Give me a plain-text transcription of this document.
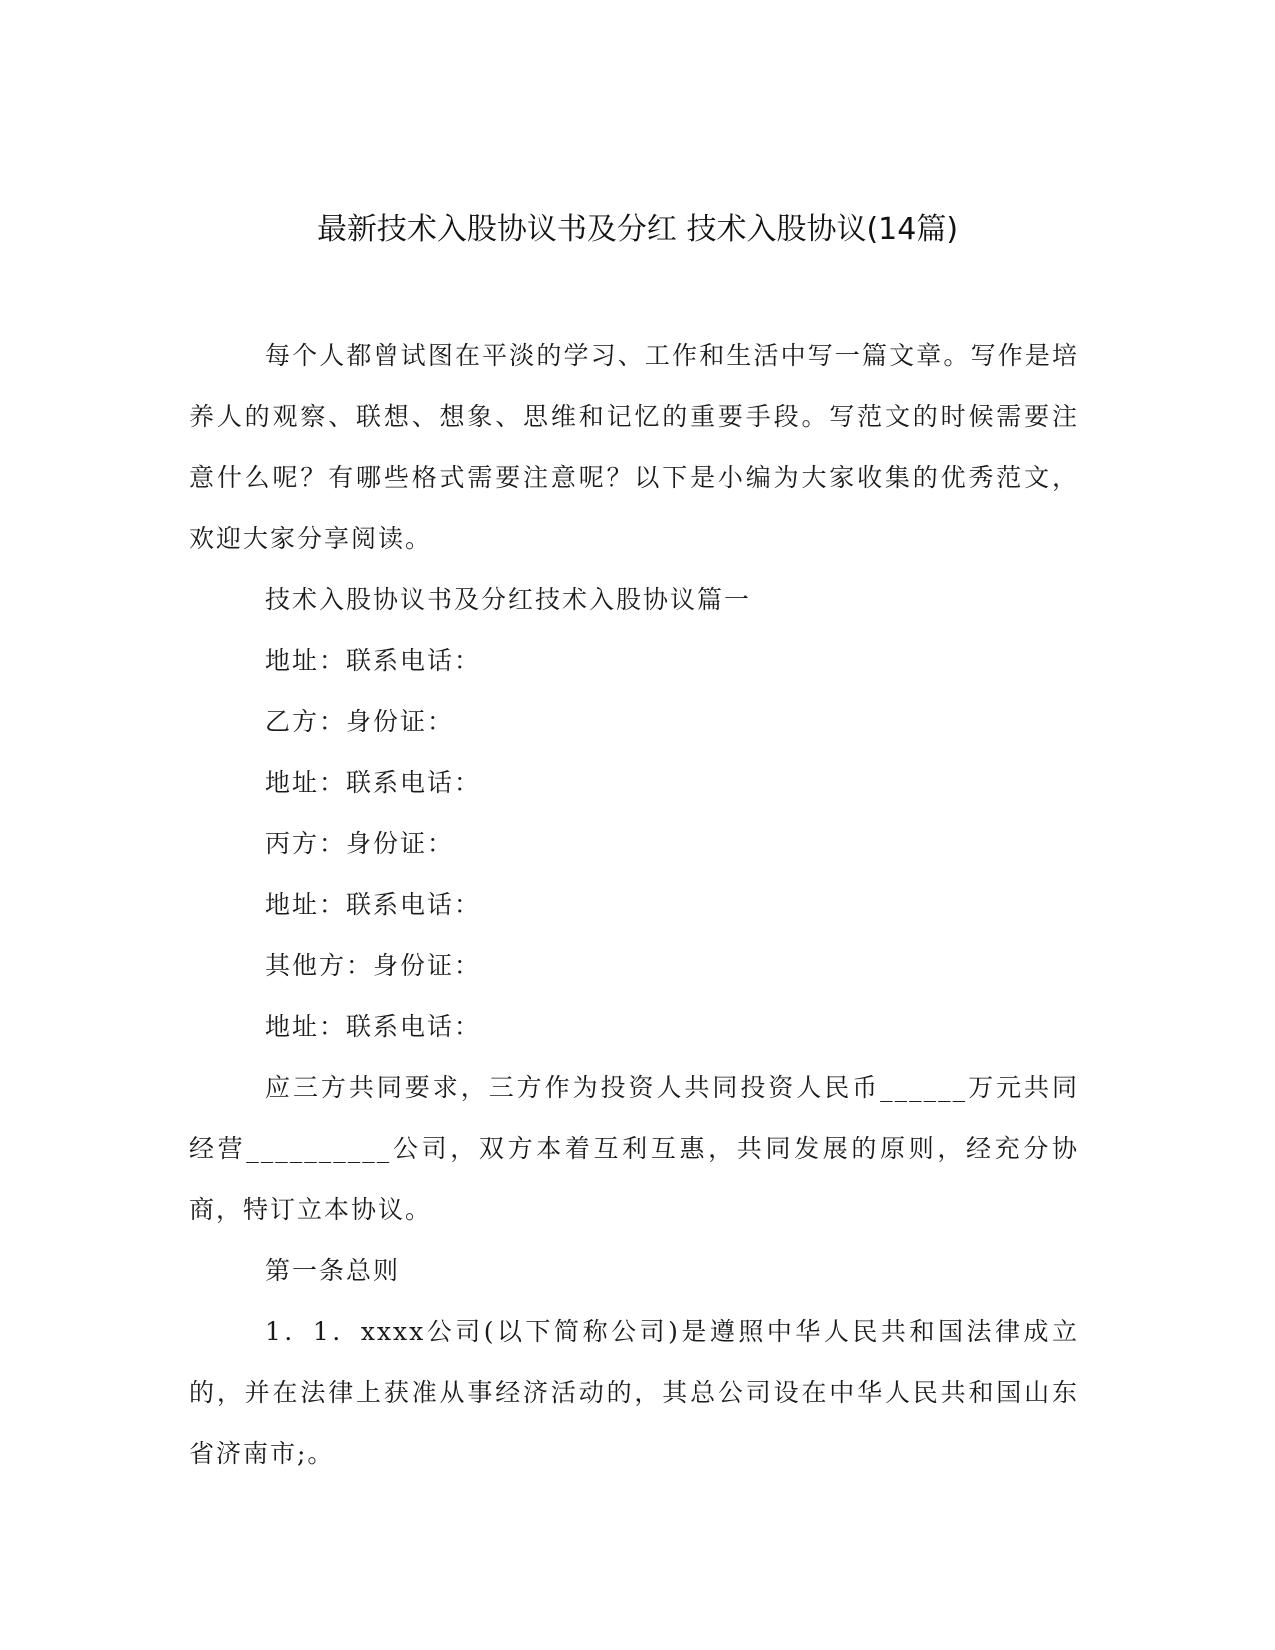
最新技术入股协议书及分红 技术入股协议(14篇)

每个人都曾试图在平淡的学习、工作和生活中写一篇文章。写作是培养人的观察、联想、想象、思维和记忆的重要手段。写范文的时候需要注意什么呢？有哪些格式需要注意呢？以下是小编为大家收集的优秀范文，欢迎大家分享阅读。

技术入股协议书及分红技术入股协议篇一

地址：联系电话：

乙方：身份证：

地址：联系电话：

丙方：身份证：

地址：联系电话：

其他方：身份证：

地址：联系电话：

应三方共同要求，三方作为投资人共同投资人民币______万元共同经营__________公司，双方本着互利互惠，共同发展的原则，经充分协商，特订立本协议。

第一条总则

1．1．xxxx公司(以下简称公司)是遵照中华人民共和国法律成立的，并在法律上获准从事经济活动的，其总公司设在中华人民共和国山东省济南市;。
